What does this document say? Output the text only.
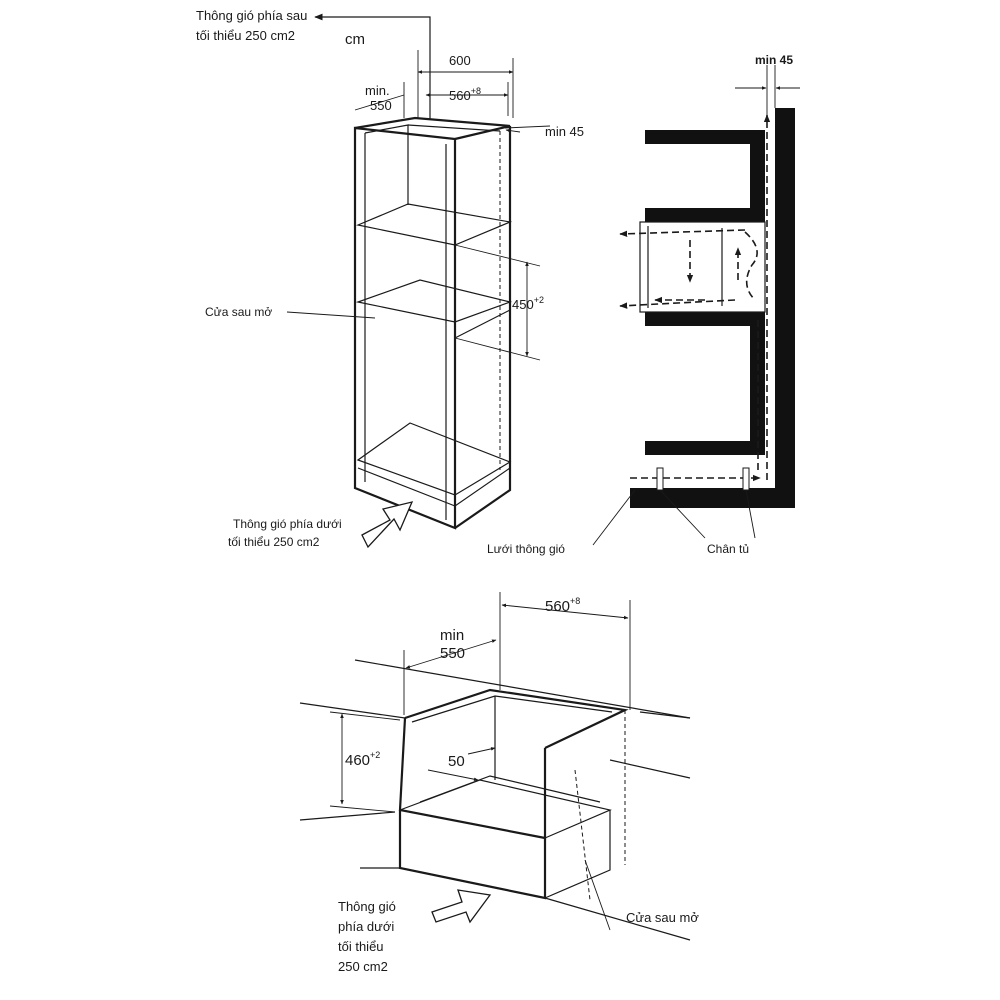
Thông gió phía sau
tối thiểu 250 cm2	cm
600
min.
550
$560^{+8}$
min 45
$450^{+2}$
Cửa sau mở
Thông gió phía dưới
tối thiểu 250 cm2
min 45
Lưới thông gió	Chân tủ
$560^{+8}$
min
550
$460^{+2}$	50
Thông gió
phía dưới
tối thiểu
250 cm2
Cửa sau mở
